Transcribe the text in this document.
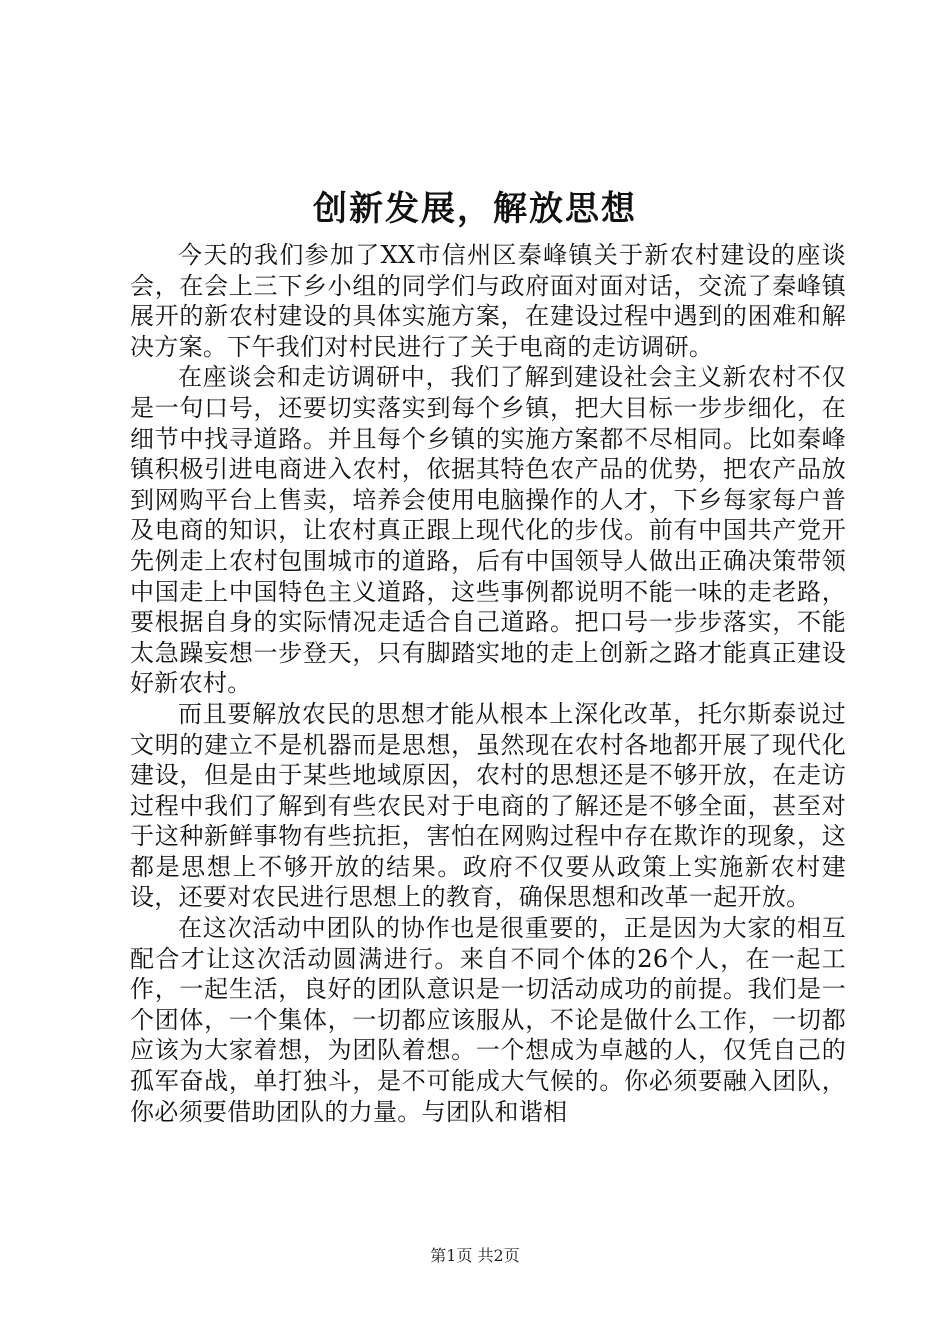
创新发展，解放思想

今天的我们参加了XX市信州区秦峰镇关于新农村建设的座谈会，在会上三下乡小组的同学们与政府面对面对话，交流了秦峰镇展开的新农村建设的具体实施方案，在建设过程中遇到的困难和解决方案。下午我们对村民进行了关于电商的走访调研。

在座谈会和走访调研中，我们了解到建设社会主义新农村不仅是一句口号，还要切实落实到每个乡镇，把大目标一步步细化，在细节中找寻道路。并且每个乡镇的实施方案都不尽相同。比如秦峰镇积极引进电商进入农村，依据其特色农产品的优势，把农产品放到网购平台上售卖，培养会使用电脑操作的人才，下乡每家每户普及电商的知识，让农村真正跟上现代化的步伐。前有中国共产党开先例走上农村包围城市的道路，后有中国领导人做出正确决策带领中国走上中国特色主义道路，这些事例都说明不能一味的走老路，要根据自身的实际情况走适合自己道路。把口号一步步落实，不能太急躁妄想一步登天，只有脚踏实地的走上创新之路才能真正建设好新农村。

而且要解放农民的思想才能从根本上深化改革，托尔斯泰说过文明的建立不是机器而是思想，虽然现在农村各地都开展了现代化建设，但是由于某些地域原因，农村的思想还是不够开放，在走访过程中我们了解到有些农民对于电商的了解还是不够全面，甚至对于这种新鲜事物有些抗拒，害怕在网购过程中存在欺诈的现象，这都是思想上不够开放的结果。政府不仅要从政策上实施新农村建设，还要对农民进行思想上的教育，确保思想和改革一起开放。

在这次活动中团队的协作也是很重要的，正是因为大家的相互配合才让这次活动圆满进行。来自不同个体的26个人，在一起工作，一起生活，良好的团队意识是一切活动成功的前提。我们是一个团体，一个集体，一切都应该服从，不论是做什么工作，一切都应该为大家着想，为团队着想。一个想成为卓越的人，仅凭自己的孤军奋战，单打独斗，是不可能成大气候的。你必须要融入团队，你必须要借助团队的力量。与团队和谐相

第1页 共2页
